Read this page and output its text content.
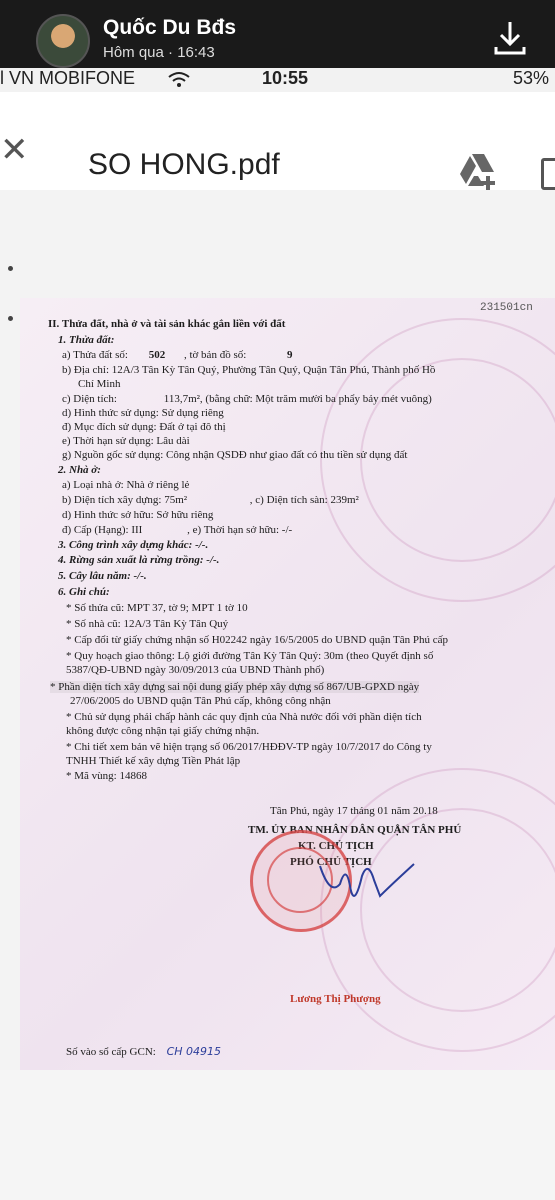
Quốc Du Bđs
Hôm qua · 16:43
l VN MOBIFONE	10:55	53%
✕ SO HONG.pdf
231501cn
II. Thửa đất, nhà ở và tài sản khác gắn liền với đất
1. Thửa đất:
a) Thửa đất số: 502 , tờ bản đồ số:	9
b) Địa chỉ: 12A/3 Tân Kỳ Tân Quý, Phường Tân Quý, Quận Tân Phú, Thành phố Hồ
Chí Minh
c) Diện tích:	113,7m², (bằng chữ: Một trăm mười ba phẩy bảy mét vuông)
d) Hình thức sử dụng: Sử dụng riêng
đ) Mục đích sử dụng: Đất ở tại đô thị
e) Thời hạn sử dụng: Lâu dài
g) Nguồn gốc sử dụng: Công nhận QSDĐ như giao đất có thu tiền sử dụng đất
2. Nhà ở:
a) Loại nhà ở: Nhà ở riêng lẻ
b) Diện tích xây dựng: 75m²	, c) Diện tích sàn: 239m²
d) Hình thức sở hữu: Sở hữu riêng
đ) Cấp (Hạng): III	, e) Thời hạn sở hữu: -/-
3. Công trình xây dựng khác: -/-.
4. Rừng sản xuất là rừng trồng: -/-.
5. Cây lâu năm: -/-.
6. Ghi chú:
* Số thửa cũ: MPT 37, tờ 9; MPT 1 tờ 10
* Số nhà cũ: 12A/3 Tân Kỳ Tân Quý
* Cấp đổi từ giấy chứng nhận số H02242 ngày 16/5/2005 do UBND quận Tân Phú cấp
* Quy hoạch giao thông: Lộ giới đường Tân Kỳ Tân Quý: 30m (theo Quyết định số
5387/QĐ-UBND ngày 30/09/2013 của UBND Thành phố)
* Phần diện tích xây dựng sai nội dung giấy phép xây dựng số 867/UB-GPXD ngày
27/06/2005 do UBND quận Tân Phú cấp, không công nhận
* Chủ sử dụng phải chấp hành các quy định của Nhà nước đối với phần diện tích
không được công nhận tại giấy chứng nhận.
* Chi tiết xem bản vẽ hiện trạng số 06/2017/HĐĐV-TP ngày 10/7/2017 do Công ty
TNHH Thiết kế xây dựng Tiền Phát lập
* Mã vùng: 14868
Tân Phú, ngày 17 tháng 01 năm 20.18
TM. ỦY BAN NHÂN DÂN QUẬN TÂN PHÚ
KT. CHỦ TỊCH
PHÓ CHỦ TỊCH
Lương Thị Phượng
Số vào sổ cấp GCN: CH 04915
